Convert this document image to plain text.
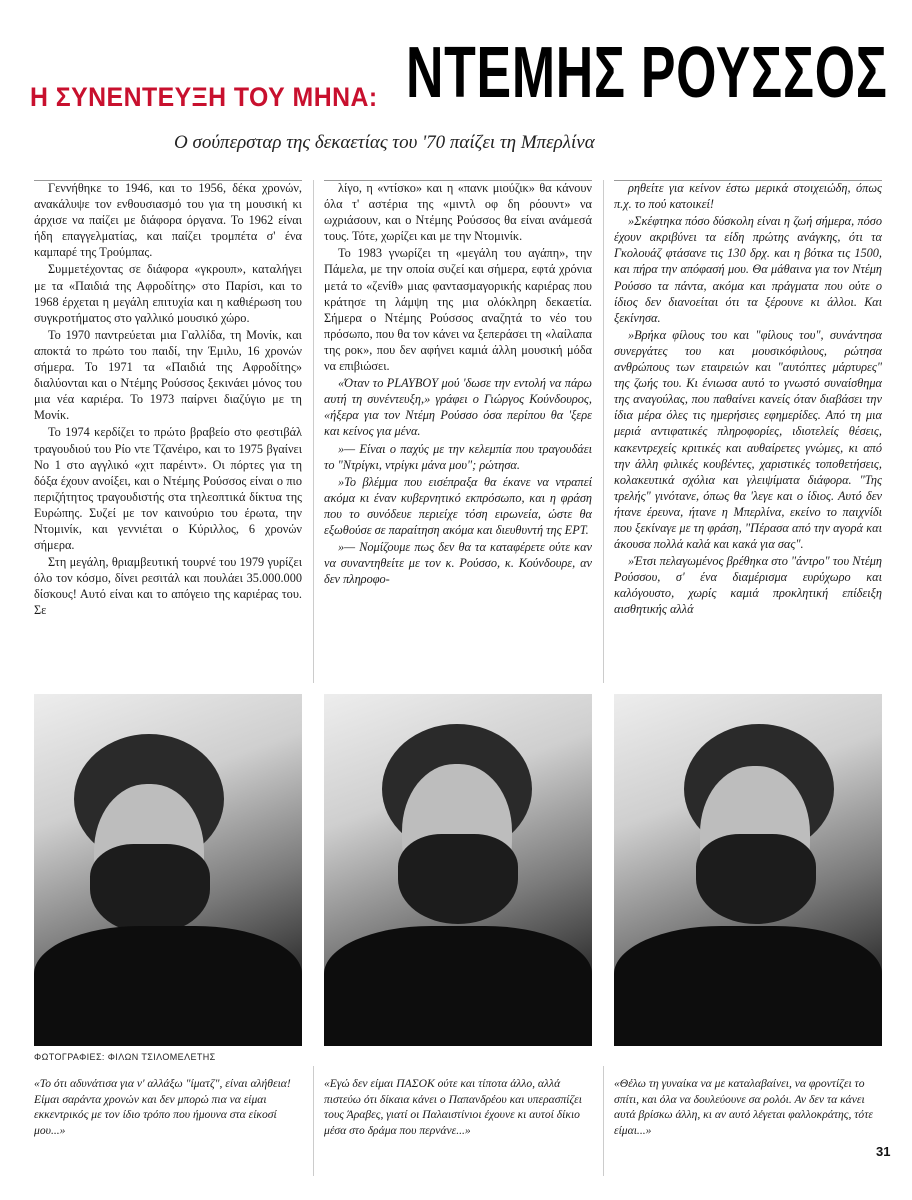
Η ΣΥΝΕΝΤΕΥΞΗ ΤΟΥ ΜΗΝΑ: ΝΤΕΜΗΣ ΡΟΥΣΣΟΣ
Ο σούπερσταρ της δεκαετίας του '70 παίζει τη Μπερλίνα

Γεννήθηκε το 1946, και το 1956, δέκα χρονών, ανακάλυψε τον ενθουσιασμό του για τη μουσική κι άρχισε να παίζει με διάφορα όργανα. Το 1962 είναι ήδη επαγγελματίας, και παίζει τρομπέτα σ' ένα καμπαρέ της Τρούμπας.

Συμμετέχοντας σε διάφορα «γκρουπ», καταλήγει με τα «Παιδιά της Αφροδίτης» στο Παρίσι, και το 1968 έρχεται η μεγάλη επιτυχία και η καθιέρωση του συγκροτήματος στο γαλλικό μουσικό χώρο.

Το 1970 παντρεύεται μια Γαλλίδα, τη Μονίκ, και αποκτά το πρώτο του παιδί, την Έμιλυ, 16 χρονών σήμερα. Το 1971 τα «Παιδιά της Αφροδίτης» διαλύονται και ο Ντέμης Ρούσσος ξεκινάει μόνος του μια νέα καριέρα. Το 1973 παίρνει διαζύγιο με τη Μονίκ.

Το 1974 κερδίζει το πρώτο βραβείο στο φεστιβάλ τραγουδιού του Ρίο ντε Τζανέιρο, και το 1975 βγαίνει Νο 1 στο αγγλικό «χιτ παρέιντ». Οι πόρτες για τη δόξα έχουν ανοίξει, και ο Ντέμης Ρούσσος είναι ο πιο περιζήτητος τραγουδιστής στα τηλεοπτικά δίκτυα της Ευρώπης. Συζεί με τον καινούριο του έρωτα, την Ντομινίκ, και γεννιέται ο Κύριλλος, 6 χρονών σήμερα.

Στη μεγάλη, θριαμβευτική τουρνέ του 1979 γυρίζει όλο τον κόσμο, δίνει ρεσιτάλ και πουλάει 35.000.000 δίσκους! Αυτό είναι και το απόγειο της καριέρας του. Σε

λίγο, η «ντίσκο» και η «πανκ μιούζικ» θα κάνουν όλα τ' αστέρια της «μιντλ οφ δη ρόουντ» να ωχριάσουν, και ο Ντέμης Ρούσσος θα είναι ανάμεσά τους. Τότε, χωρίζει και με την Ντομινίκ.

Το 1983 γνωρίζει τη «μεγάλη του αγάπη», την Πάμελα, με την οποία συζεί και σήμερα, εφτά χρόνια μετά το «ζενίθ» μιας φαντασμαγορικής καριέρας που κράτησε τη λάμψη της μια ολόκληρη δεκαετία. Σήμερα ο Ντέμης Ρούσσος αναζητά το νέο του πρόσωπο, που θα τον κάνει να ξεπεράσει τη «λαίλαπα της ροκ», που δεν αφήνει καμιά άλλη μουσική μόδα να επιβιώσει.

«Όταν το PLAYBOY μού 'δωσε την εντολή να πάρω αυτή τη συνέντευξη,» γράφει ο Γιώργος Κούνδουρος, «ήξερα για τον Ντέμη Ρούσσο όσα περίπου θα 'ξερε και κείνος για μένα.

»— Είναι ο παχύς με την κελεμπία που τραγουδάει το "Ντρίγκι, ντρίγκι μάνα μου"; ρώτησα.

»Το βλέμμα που εισέπραξα θα έκανε να ντραπεί ακόμα κι έναν κυβερνητικό εκπρόσωπο, και η φράση που το συνόδευε περιείχε τόση ειρωνεία, ώστε θα εξωθούσε σε παραίτηση ακόμα και διευθυντή της ΕΡΤ.

»— Νομίζουμε πως δεν θα τα καταφέρετε ούτε καν να συναντηθείτε με τον κ. Ρούσσο, κ. Κούνδουρε, αν δεν πληροφο-

ρηθείτε για κείνον έστω μερικά στοιχειώδη, όπως π.χ. το πού κατοικεί!

»Σκέφτηκα πόσο δύσκολη είναι η ζωή σήμερα, πόσο έχουν ακριβύνει τα είδη πρώτης ανάγκης, ότι τα Γκολουάζ φτάσανε τις 130 δρχ. και η βότκα τις 1500, και πήρα την απόφασή μου. Θα μάθαινα για τον Ντέμη Ρούσσο τα πάντα, ακόμα και πράγματα που ούτε ο ίδιος δεν διανοείται ότι τα ξέρουνε κι άλλοι. Και ξεκίνησα.

»Βρήκα φίλους του και "φίλους του", συνάντησα συνεργάτες του και μουσικόφιλους, ρώτησα ανθρώπους των εταιρειών και "αυτόπτες μάρτυρες" της ζωής του. Κι ένιωσα αυτό το γνωστό συναίσθημα της αναγούλας, που παθαίνει κανείς όταν διαβάσει την ίδια μέρα όλες τις ημερήσιες εφημερίδες. Από τη μια μεριά αντιφατικές πληροφορίες, ιδιοτελείς θέσεις, κακεντρεχείς κριτικές και αυθαίρετες γνώμες, κι από την άλλη φιλικές κουβέντες, χαριστικές τοποθετήσεις, κολακευτικά σχόλια και γλειψίματα διάφορα. "Της τρελής" γινότανε, όπως θα 'λεγε και ο ίδιος. Αυτό δεν ήτανε έρευνα, ήτανε η Μπερλίνα, εκείνο το παιχνίδι που ξεκίναγε με τη φράση, "Πέρασα από την αγορά και άκουσα πολλά καλά και κακά για σας".

»Έτσι πελαγωμένος βρέθηκα στο "άντρο" του Ντέμη Ρούσσου, σ' ένα διαμέρισμα ευρύχωρο και καλόγουστο, χωρίς καμιά προκλητική επίδειξη αισθητικής αλλά

ΦΩΤΟΓΡΑΦΙΕΣ: ΦΙΛΩΝ ΤΣΙΛΟΜΕΛΕΤΗΣ
«Το ότι αδυνάτισα για ν' αλλάξω "ίματζ", είναι αλήθεια! Είμαι σαράντα χρονών και δεν μπορώ πια να είμαι εκκεντρικός με τον ίδιο τρόπο που ήμουνα στα είκοσί μου...»
«Εγώ δεν είμαι ΠΑΣΟΚ ούτε και τίποτα άλλο, αλλά πιστεύω ότι δίκαια κάνει ο Παπανδρέου και υπερασπίζει τους Άραβες, γιατί οι Παλαιστίνιοι έχουνε κι αυτοί δίκιο μέσα στο δράμα που περνάνε...»
«Θέλω τη γυναίκα να με καταλαβαίνει, να φροντίζει το σπίτι, και όλα να δουλεύουνε σα ρολόι. Αν δεν τα κάνει αυτά βρίσκω άλλη, κι αν αυτό λέγεται φαλλοκράτης, τότε είμαι...»
31
